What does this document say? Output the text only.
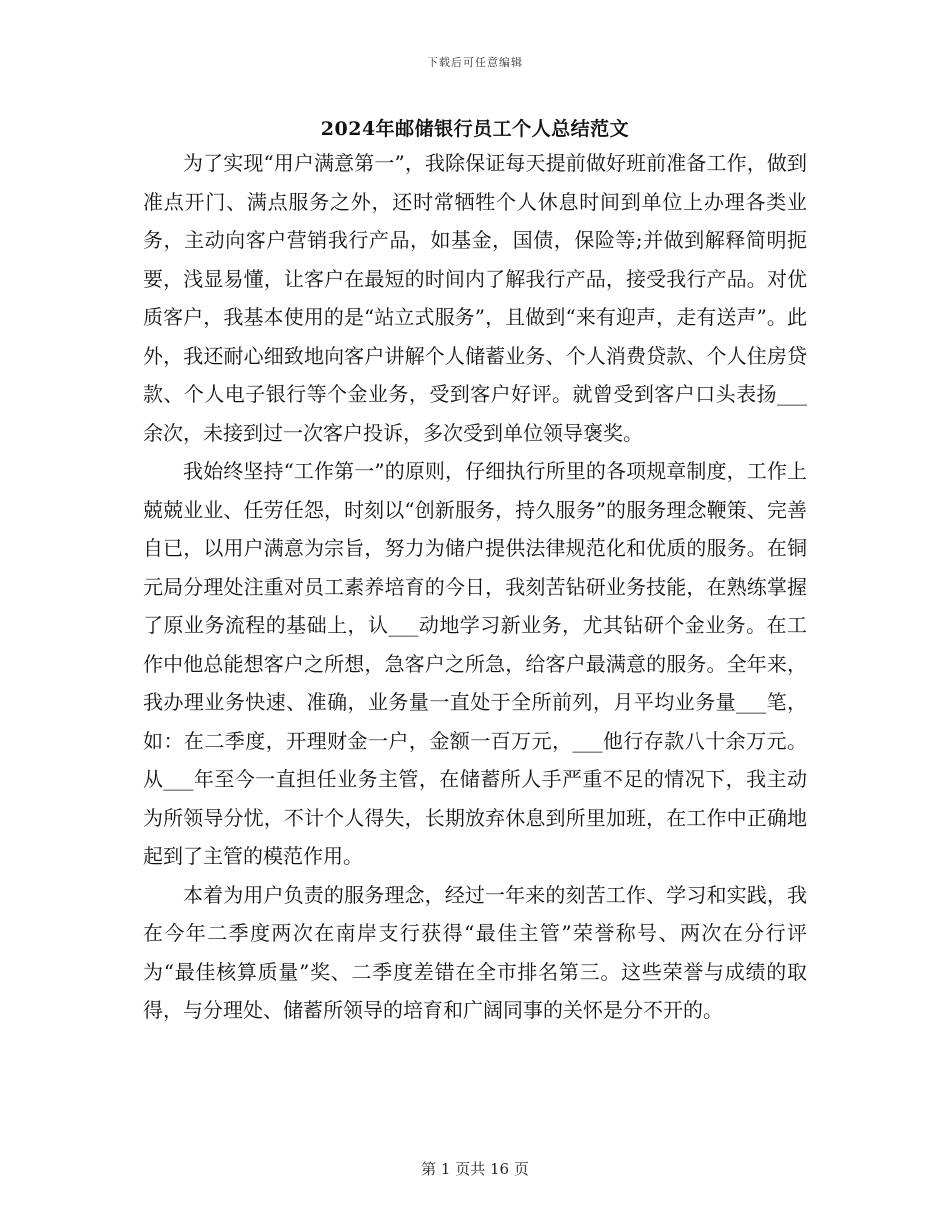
下载后可任意编辑
2024年邮储银行员工个人总结范文

为了实现“用户满意第一”，我除保证每天提前做好班前准备工作，做到准点开门、满点服务之外，还时常牺牲个人休息时间到单位上办理各类业务，主动向客户营销我行产品，如基金，国债，保险等;并做到解释简明扼要，浅显易懂，让客户在最短的时间内了解我行产品，接受我行产品。对优质客户，我基本使用的是“站立式服务”，且做到“来有迎声，走有送声”。此外，我还耐心细致地向客户讲解个人储蓄业务、个人消费贷款、个人住房贷款、个人电子银行等个金业务，受到客户好评。就曾受到客户口头表扬___余次，未接到过一次客户投诉，多次受到单位领导褒奖。

我始终坚持“工作第一”的原则，仔细执行所里的各项规章制度，工作上兢兢业业、任劳任怨，时刻以“创新服务，持久服务”的服务理念鞭策、完善自已，以用户满意为宗旨，努力为储户提供法律规范化和优质的服务。在铜元局分理处注重对员工素养培育的今日，我刻苦钻研业务技能，在熟练掌握了原业务流程的基础上，认___动地学习新业务，尤其钻研个金业务。在工作中他总能想客户之所想，急客户之所急，给客户最满意的服务。全年来，我办理业务快速、准确，业务量一直处于全所前列，月平均业务量___笔，如：在二季度，开理财金一户，金额一百万元，___他行存款八十余万元。从___年至今一直担任业务主管，在储蓄所人手严重不足的情况下，我主动为所领导分忧，不计个人得失，长期放弃休息到所里加班，在工作中正确地起到了主管的模范作用。

本着为用户负责的服务理念，经过一年来的刻苦工作、学习和实践，我在今年二季度两次在南岸支行获得“最佳主管”荣誉称号、两次在分行评为“最佳核算质量”奖、二季度差错在全市排名第三。这些荣誉与成绩的取得，与分理处、储蓄所领导的培育和广阔同事的关怀是分不开的。

第 1 页共 16 页
